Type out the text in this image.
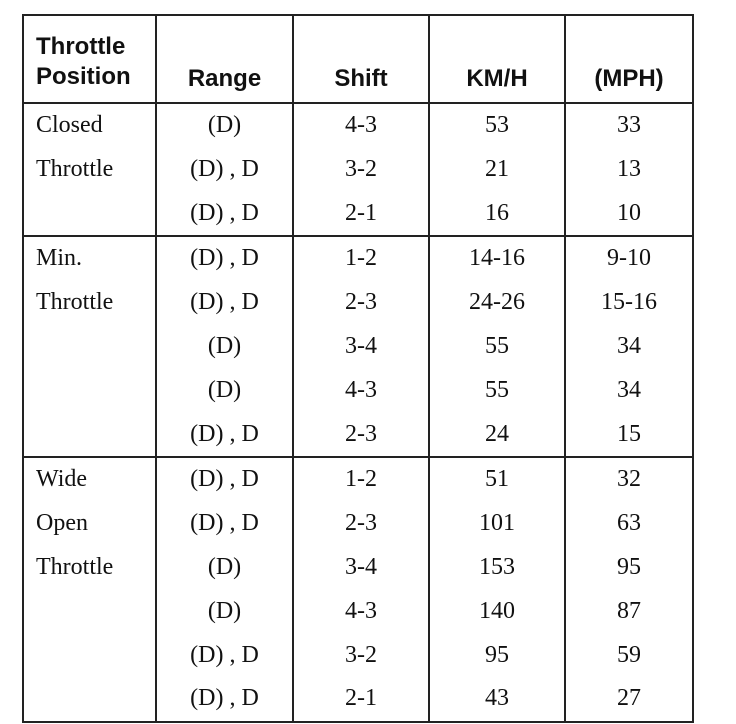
Throttle
Position	Range	Shift	KM/H	(MPH)
Closed	(D)	4-3	53	33
Throttle	(D) , D	3-2	21	13
	(D) , D	2-1	16	10
Min.	(D) , D	1-2	14-16	9-10
Throttle	(D) , D	2-3	24-26	15-16
	(D)	3-4	55	34
	(D)	4-3	55	34
	(D) , D	2-3	24	15
Wide	(D) , D	1-2	51	32
Open	(D) , D	2-3	101	63
Throttle	(D)	3-4	153	95
	(D)	4-3	140	87
	(D) , D	3-2	95	59
	(D) , D	2-1	43	27
